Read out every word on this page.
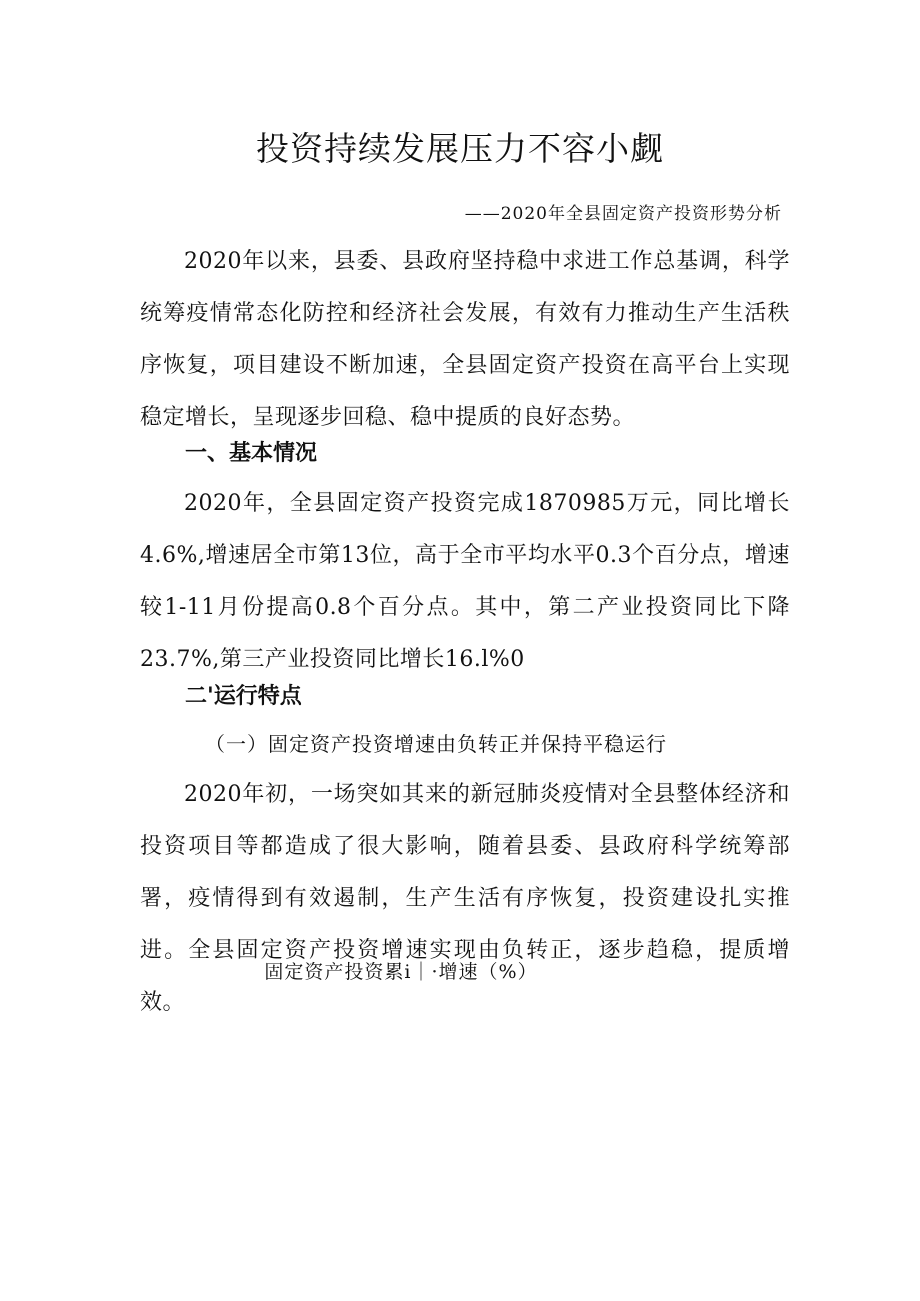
投资持续发展压力不容小觑
——2020年全县固定资产投资形势分析
2020年以来，县委、县政府坚持稳中求进工作总基调，科学统筹疫情常态化防控和经济社会发展，有效有力推动生产生活秩序恢复，项目建设不断加速，全县固定资产投资在高平台上实现稳定增长，呈现逐步回稳、稳中提质的良好态势。
一、基本情况
2020年，全县固定资产投资完成1870985万元，同比增长4.6%,增速居全市第13位，高于全市平均水平0.3个百分点，增速较1-11月份提高0.8个百分点。其中，第二产业投资同比下降23.7%,第三产业投资同比增长16.l%0
二'运行特点
（一）固定资产投资增速由负转正并保持平稳运行
2020年初，一场突如其来的新冠肺炎疫情对全县整体经济和投资项目等都造成了很大影响，随着县委、县政府科学统筹部署，疫情得到有效遏制，生产生活有序恢复，投资建设扎实推进。全县固定资产投资增速实现由负转正，逐步趋稳，提质增效。
固定资产投资累i｜·增速（%）
